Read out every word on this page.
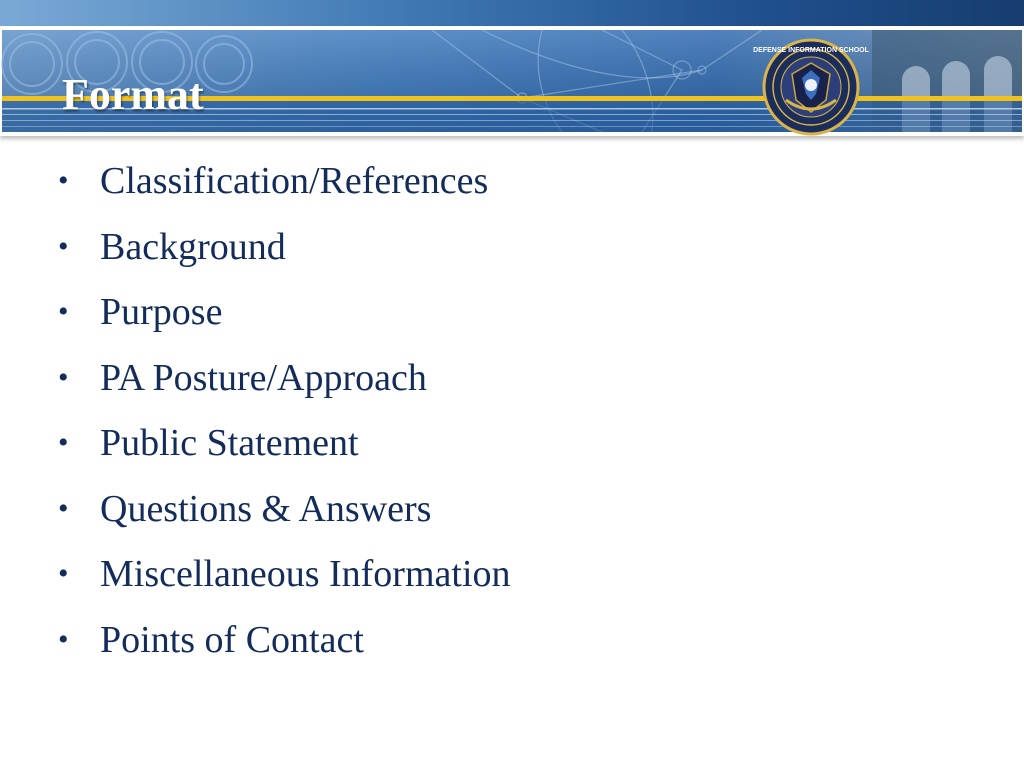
Format
DEFENSE INFORMATION SCHOOL
• Classification/References
• Background
• Purpose
• PA Posture/Approach
• Public Statement
• Questions & Answers
• Miscellaneous Information
• Points of Contact
